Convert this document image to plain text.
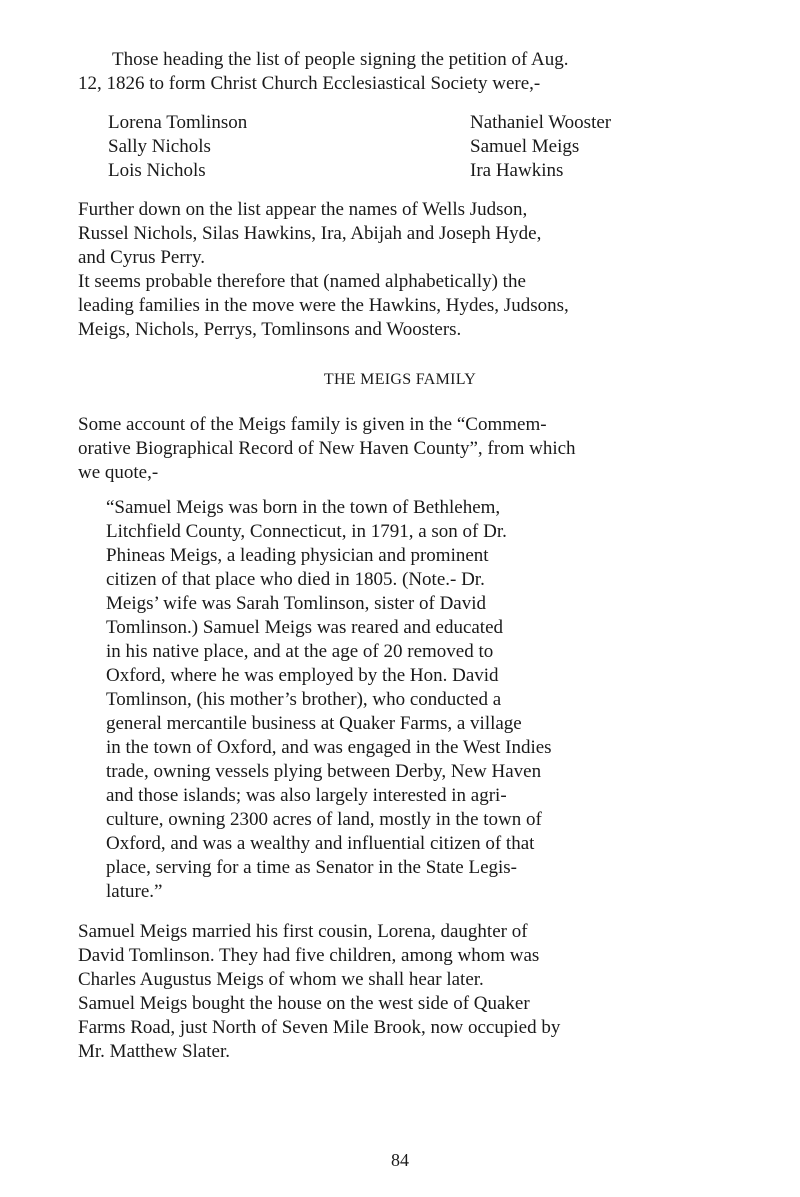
Those heading the list of people signing the petition of Aug.
12, 1826 to form Christ Church Ecclesiastical Society were,-

Lorena Tomlinson
Sally Nichols
Lois Nichols

Nathaniel Wooster
Samuel Meigs
Ira Hawkins

Further down on the list appear the names of Wells Judson,
Russel Nichols, Silas Hawkins, Ira, Abijah and Joseph Hyde,
and Cyrus Perry.
It seems probable therefore that (named alphabetically) the
leading families in the move were the Hawkins, Hydes, Judsons,
Meigs, Nichols, Perrys, Tomlinsons and Woosters.

THE MEIGS FAMILY

Some account of the Meigs family is given in the “Commem-
orative Biographical Record of New Haven County”, from which
we quote,-

“Samuel Meigs was born in the town of Bethlehem,
Litchfield County, Connecticut, in 1791, a son of Dr.
Phineas Meigs, a leading physician and prominent
citizen of that place who died in 1805. (Note.- Dr.
Meigs’ wife was Sarah Tomlinson, sister of David
Tomlinson.) Samuel Meigs was reared and educated
in his native place, and at the age of 20 removed to
Oxford, where he was employed by the Hon. David
Tomlinson, (his mother’s brother), who conducted a
general mercantile business at Quaker Farms, a village
in the town of Oxford, and was engaged in the West Indies
trade, owning vessels plying between Derby, New Haven
and those islands; was also largely interested in agri-
culture, owning 2300 acres of land, mostly in the town of
Oxford, and was a wealthy and influential citizen of that
place, serving for a time as Senator in the State Legis-
lature.”

Samuel Meigs married his first cousin, Lorena, daughter of
David Tomlinson. They had five children, among whom was
Charles Augustus Meigs of whom we shall hear later.
Samuel Meigs bought the house on the west side of Quaker
Farms Road, just North of Seven Mile Brook, now occupied by
Mr. Matthew Slater.

84
